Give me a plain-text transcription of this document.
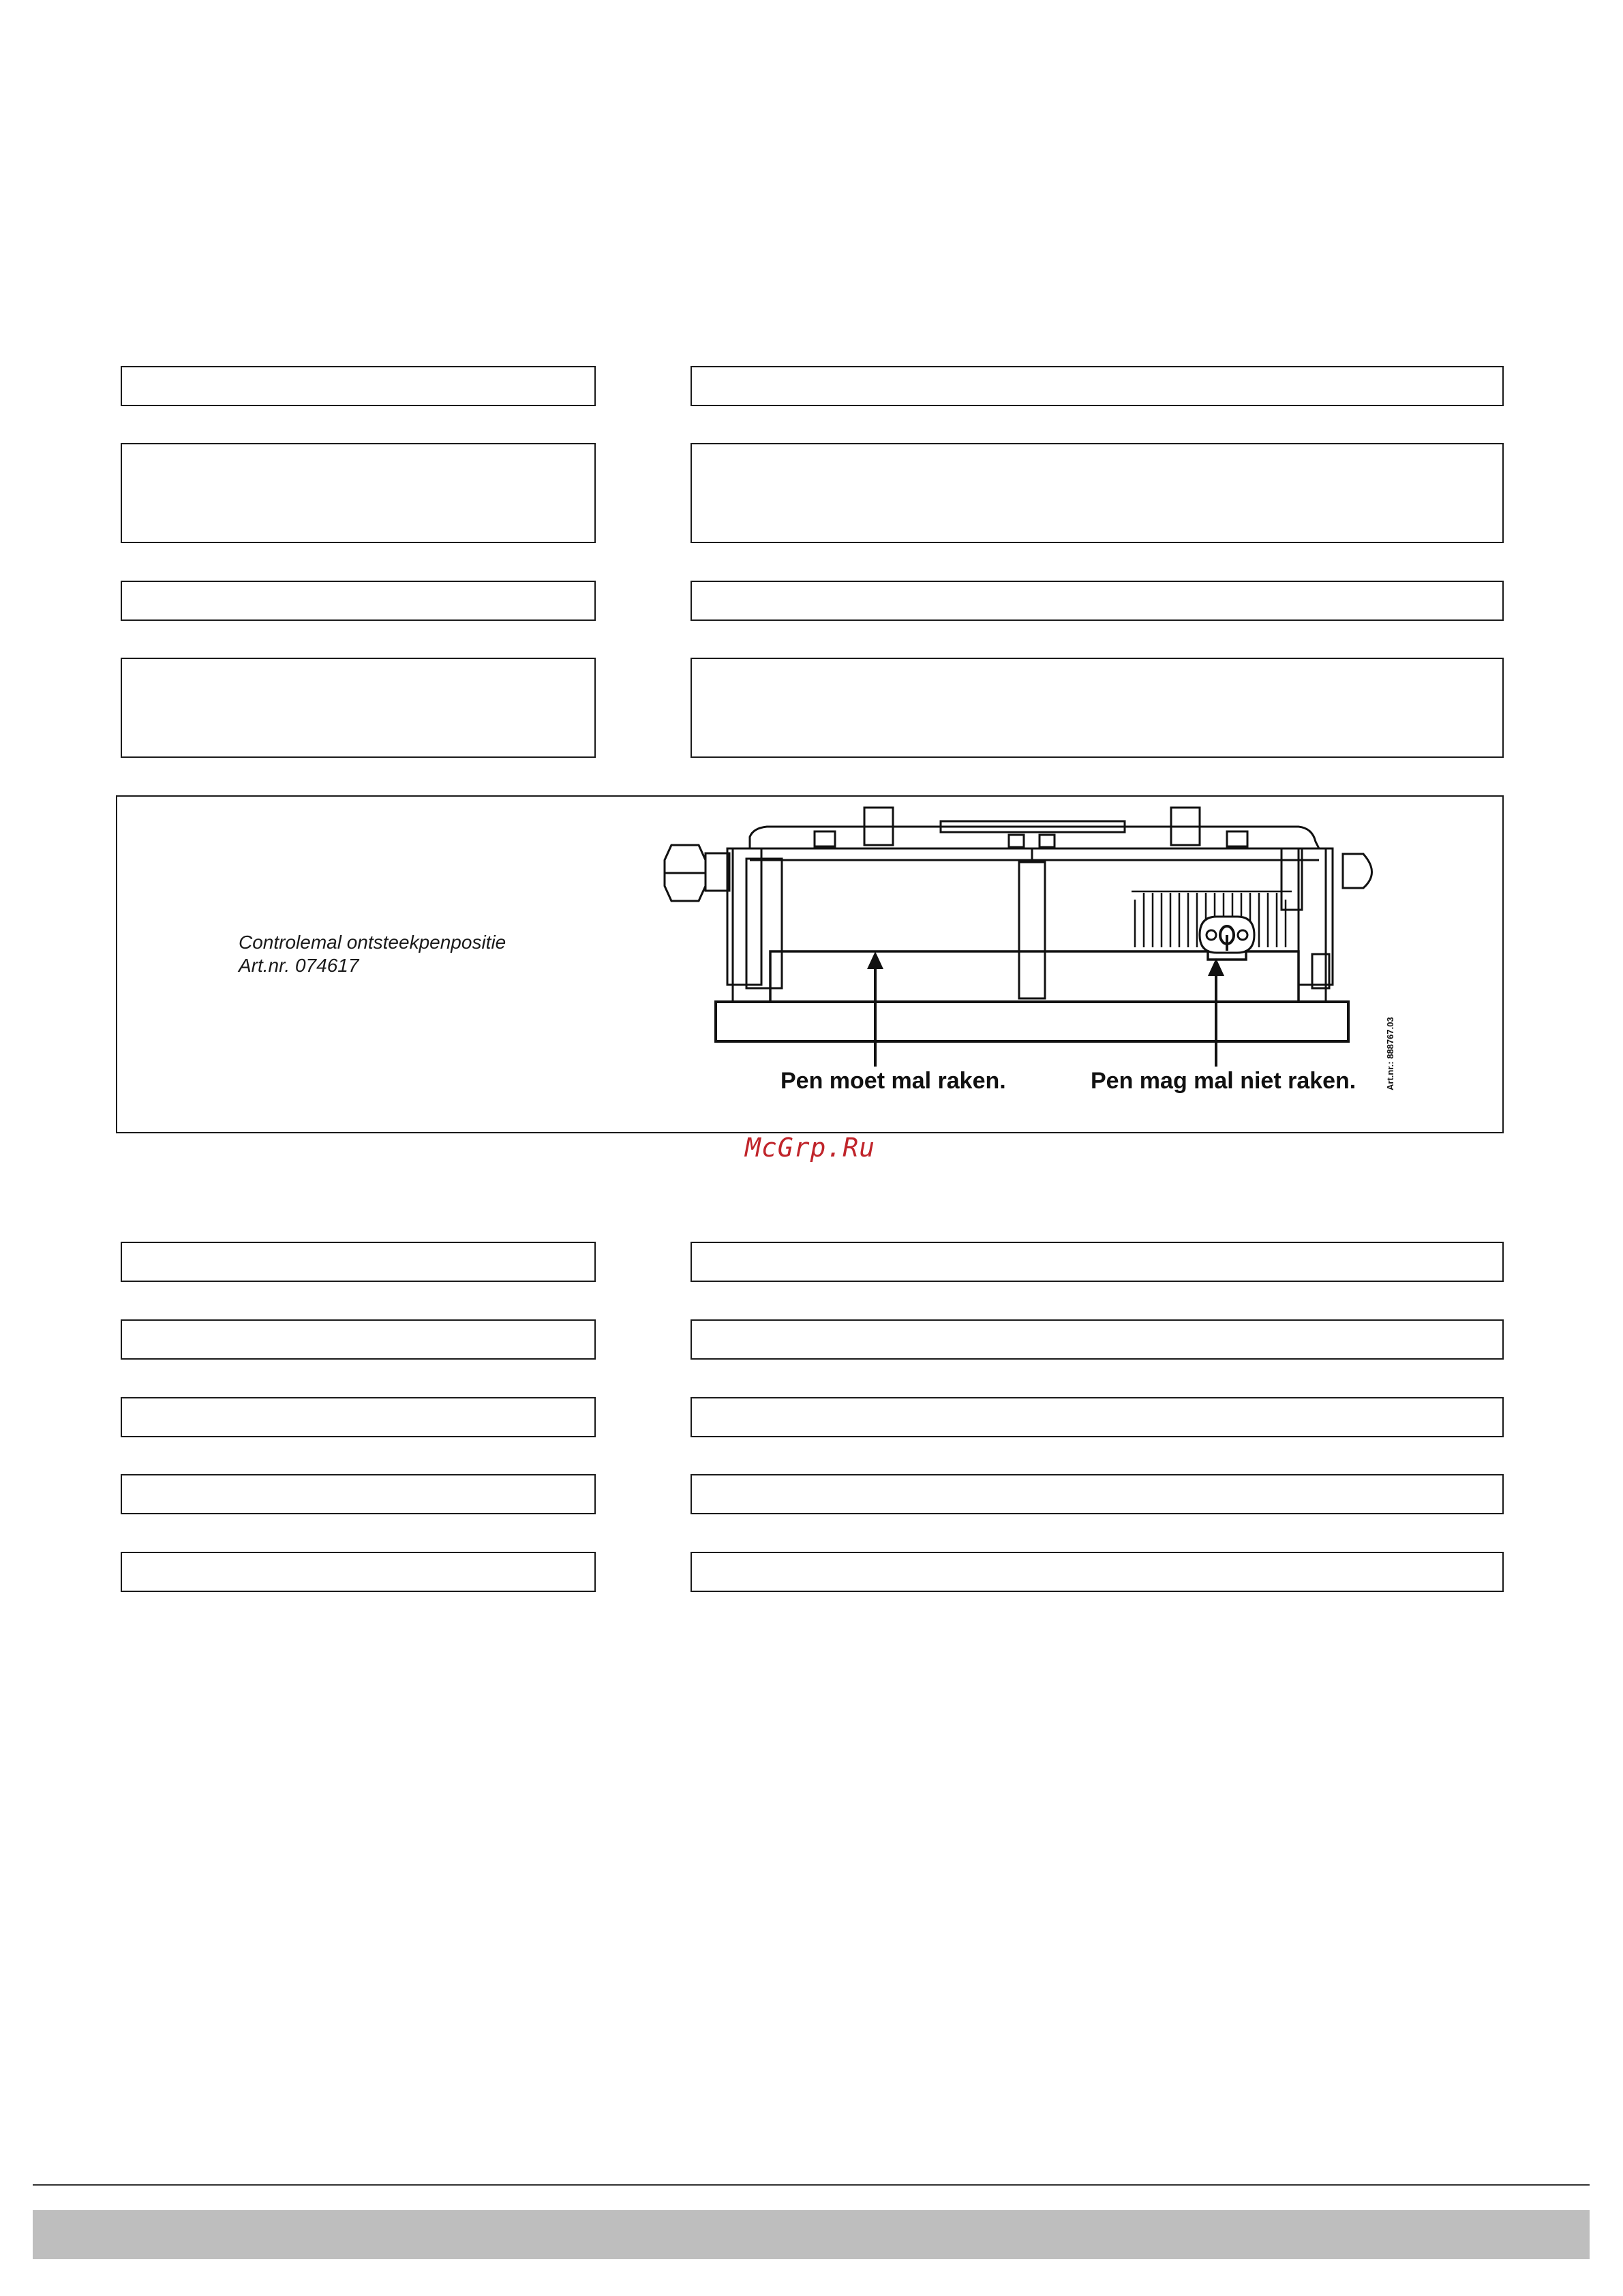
Controlemal ontsteekpenpositie
Art.nr. 074617
Pen moet mal raken.	Pen mag mal niet raken.	Art.nr.: 888767.03
McGrp.Ru
